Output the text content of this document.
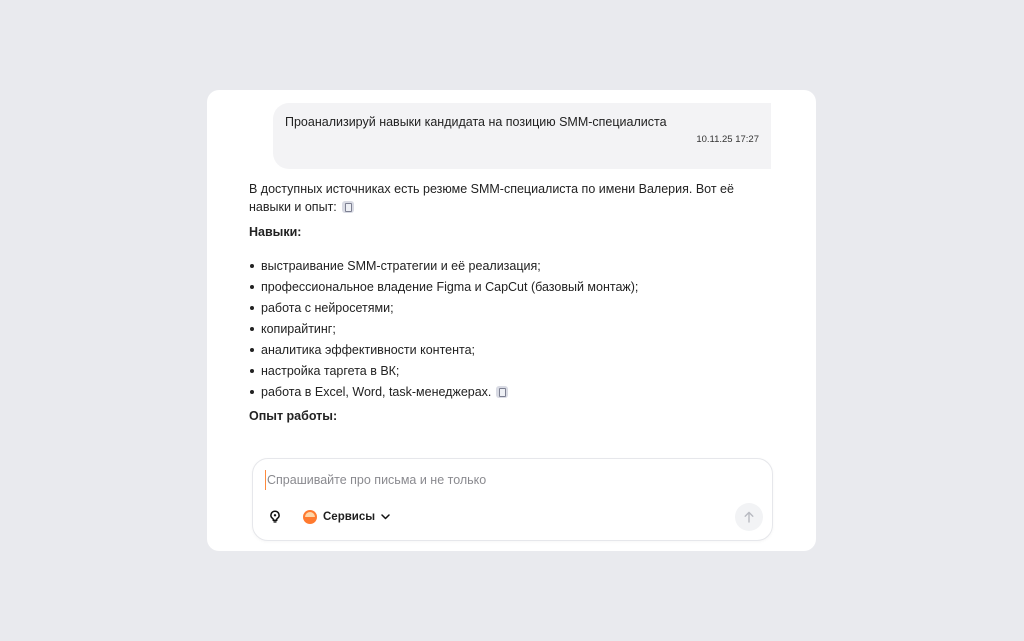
Проанализируй навыки кандидата на позицию SMM-специалиста
10.11.25 17:27

В доступных источниках есть резюме SMM-специалиста по имени Валерия. Вот её навыки и опыт:

Навыки:

выстраивание SMM-стратегии и её реализация;
профессиональное владение Figma и CapCut (базовый монтаж);
работа с нейросетями;
копирайтинг;
аналитика эффективности контента;
настройка таргета в ВК;
работа в Excel, Word, task-менеджерах.

Опыт работы:

Спрашивайте про письма и не только
Сервисы
